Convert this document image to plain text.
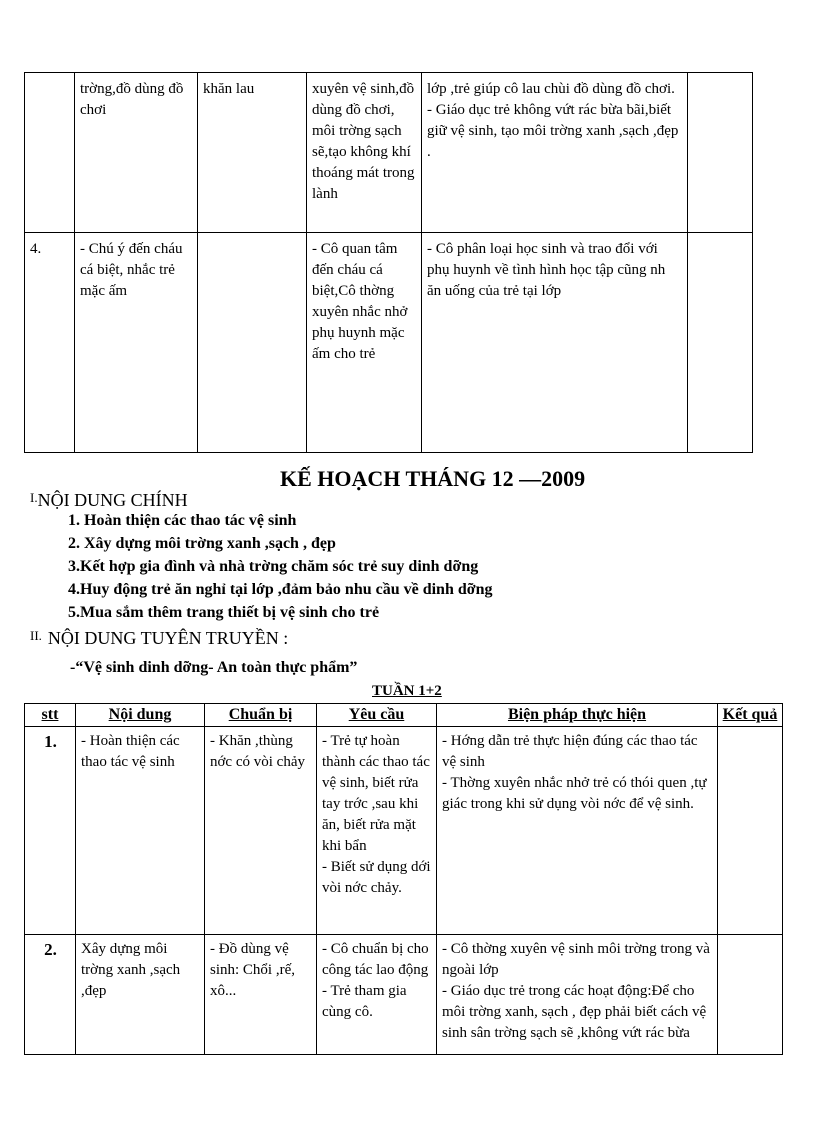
	trờng,đồ dùng đồ chơi	khăn lau	xuyên vệ sinh,đồ dùng đồ chơi, môi trờng sạch sẽ,tạo không khí thoáng mát trong lành	lớp ,trẻ giúp cô lau chùi đồ dùng đồ chơi.
- Giáo dục trẻ không vứt rác bừa bãi,biết giữ vệ sinh, tạo môi trờng xanh ,sạch ,đẹp .	

4.	- Chú ý đến cháu cá biệt, nhắc trẻ mặc ấm		- Cô quan tâm đến cháu cá biệt,Cô thờng xuyên nhắc nhở phụ huynh mặc ấm cho trẻ	- Cô phân loại học sinh và trao đổi với phụ huynh về tình hình học tập cũng nh ăn uống của trẻ tại lớp	

KẾ HOẠCH THÁNG 12 —2009
$^{I.}$NỘI DUNG CHÍNH
1. Hoàn thiện các thao tác vệ sinh
2. Xây dựng môi trờng xanh ,sạch , đẹp
3.Kết hợp gia đình và nhà trờng chăm sóc trẻ suy dinh dỡng
4.Huy động trẻ ăn nghỉ tại lớp ,đảm bảo nhu cầu về dinh dỡng
5.Mua sắm thêm trang thiết bị vệ sinh cho trẻ
$^{II.}$ NỘI DUNG TUYÊN TRUYỀN :
-“Vệ sinh dinh dỡng- An toàn thực phẩm”
TUẦN 1+2
stt	Nội dung	Chuẩn bị	Yêu cầu	Biện pháp thực hiện	Kết quả

1.	- Hoàn thiện các thao tác vệ sinh	- Khăn ,thùng nớc có vòi chảy	- Trẻ tự hoàn thành các thao tác vệ sinh, biết rửa tay trớc ,sau khi ăn, biết rửa mặt khi bẩn
- Biết sử dụng dới vòi nớc chảy.	- Hớng dẫn trẻ thực hiện đúng các thao tác vệ sinh
- Thờng xuyên nhắc nhở trẻ có thói quen ,tự giác trong khi sử dụng vòi nớc để vệ sinh.	

2.	Xây dựng môi trờng xanh ,sạch ,đẹp	- Đồ dùng vệ sinh: Chổi ,rế, xô...	- Cô chuẩn bị cho công tác lao động
- Trẻ tham gia cùng cô.	- Cô thờng xuyên vệ sinh môi trờng trong và ngoài lớp
- Giáo dục trẻ trong các hoạt động:Để cho môi trờng xanh, sạch , đẹp phải biết cách vệ sinh sân trờng sạch sẽ ,không vứt rác bừa	
